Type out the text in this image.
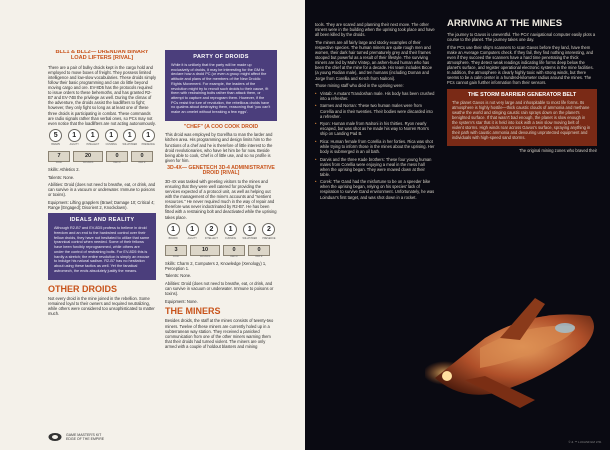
BLL1 & BLL2— DRENDAN BINARY LOAD LIFTERS [RIVAL]

There are a pair of bulky droids kept in the cargo hold and employed to move boxes of freight. They possess limited intelligence and low-slow vocabularies. These droids simply follow their basic programming and can do little beyond moving cargo and ore. EV-8D5 has the protocols required to issue orders to these behemoths, and has granted R2-B7 and EV-74B the privilege as well. During the climax of the adventure, the droids assist the loadlifters to fight; however, they only fight so long as at least one of these three droids is participating in combat. These commands are radio signals rather than verbal ones, so PCs may not even notice that the loadlifters are not acting autonomously.

5
BRAWN
1
AGILITY
1
INTELLECT
1
CUNNING
1
WILLPOWER
1
PRESENCE
7
SOAK
20
WOUNDS
0
DEF M
0
DEF R

Skills: Athletics 2.

Talents: None.

Abilities: Droid (does not need to breathe, eat, or drink, and can survive in a vacuum or underwater. Immune to poisons or toxins).

Equipment: Lifting grapplers (Brawl; Damage 10; Critical 4; Range [Engaged]; Disorient 2, Knockdown).

IDEALS AND REALITY

Although R2-B7 and EV-8D5 profess to believe in droid freedom and an end to the hardwired control over their fellow droids, they have not hesitated to utilize that same tyrannical control when needed. Some of their fellows have been forcibly reprogrammed, while others are under the control of restraining bolts. For EV-8D5 this is hardly a stretch; the entire revolution is simply an excuse to indulge his natural sadism. R2-B7 has no hesitation about using these tactics as well. Yet the fanatical astromech, the ends absolutely justify the means.

OTHER DROIDS

Not every droid in the mine joined in the rebellion. Some remained loyal to their owners and required neutralizing, while others were considered too unsophisticated to matter much.

PARTY OF DROIDS

While it is unlikely that the party will be made up exclusively of droids, it may be interesting for the GM to declare how a droid PC (or even a group might affect the attitude and plans of the members of the New Droidic Rights Movement. For example, the leaders of the revolution might try to recruit such droids to their cause, fit them with restraining bolts rather than attack them, or attempt to capture and reprogram them. However, if the PCs resist the lure of revolution, the rebellious droids have no qualms about destroying them, reasoning that 'you can't make an omelet without breaking a few eggs'.

"CHEF" (A COO COOK DROID

This droid was employed by Gorellha to man the larder and kitchen area. His programming and design limits him to the functions of a chef and he is therefore of little interest to the droid revolutionaries, who have let him be for now. Beside being able to cook, Chef is of little use, and so no profile is given for him.

3D-4X— GENETECH 3D-4 ADMINISTRATIVE DROID [RIVAL]

3D-4X was tasked with greeting visitors to the mines and ensuring that they were well catered for providing the services expected of a protocol unit, as well as helping out with the management of the mine's accounts and "sentient resources." He never required much in the way of repair and therefore was never indoctrinated by R2-B7. He has been fitted with a restraining bolt and deactivated while the uprising takes place.

1
BRAWN
1
AGILITY
2
INTELLECT
1
CUNNING
1
WILLPOWER
2
PRESENCE
3
SOAK
10
WOUNDS
0
DEF M
0
DEF R

Skills: Charm 2, Computers 2, Knowledge (Xenology) 1, Perception 1.

Talents: None.

Abilities: Droid (does not need to breathe, eat, or drink, and can survive in vacuum or underwater. Immune to poisons or toxins).

Equipment: None.

THE MINERS

Besides droids, the staff at the mines consists of twenty-two miners. Twelve of these miners are currently holed up in a subterranean way station. They received a panicked communication from one of the other miners warning them that their droids had turned violent. The miners are only armed with a couple of holdout blasters and mining

GAME MASTER'S KIT
EDGE OF THE EMPIRE

tools. They are scared and planning their next move. The other miners were in the building when the uprising took place and have all been killed by the droids.

The miners are all fairly large and stocky examples of their respective species. The human miners are quite rough men and women, their dark hair turned prematurely grey and their frames stooped but powerful as a result of their lifestyle. The surviving miners are led by Mahr Vintep, an ashen-hued human who has been the chief at the mine for a decade. His team includes Bicoe (a young Rodian male), and ten humans (including Doman and Jorge from Corellia and Kerch from Nalroni).

Those mining staff who died in the uprising were:

• Vintab: A mutant Trandoshan male. His body has been crushed into a refresher.

• Sarmes and Norran: These two human males were from Corellia and in their twenties. Their bodies were discarded into a refresher.

• Ryon: Human male from Nalroni in his thirties. Ryon nearly escaped, but was shot as he made his way to Norren Rom's ship on Landing Pad B.

• Rica: Human female from Corellia in her forties. Rica was shot while trying to inform those in the mines about the uprising. Her body is submerged in an oil bath.

• Darvis and the three Kade brothers: These four young human males from Corellia were enjoying a meal in the mess hall when the uprising began. They were mowed down at their table.

• Corek: The Gand had the misfortune to be on a speeder bike when the uprising began, relying on his species' lack of respiration to survive Gand environment. Unfortunately, he was Loinduar's first target, and was shot down in a rocket.

ARRIVING AT THE MINES

The journey to Gavos is uneventful. The PCs' navigational computer easily plots a course to the planet. The journey takes one day.

If the PCs use their ship's scanners to scan Gavos before they land, have them make an Average Computers check. If they fail, they find nothing interesting, and even if they succeed the scanners have a hard time penetrating the thick atmosphere. They detect weak readings indicating life forms deep below the planet's surface, and register operational electronic systems in the mine facilities. In addition, the atmosphere is clearly highly toxic with strong winds, but there seems to be a calm center in a hundred-kilometer radius around the mines. The PCs cannot gain further information from their sensors.

THE STORM BARRIER GENERATOR BELT

The planet Gavos is not very large and inhospitable to most life forms. Its atmosphere is highly hostile—thick caustic clouds of ammonia and methane swathe the world and stinging caustic rain sprays down on the planet's benighted surface. If that wasn't bad enough, the planet is slow enough in the system's star that it is held into lock with a twin slow moving belt of violent storms. High winds roar across Gavos's surface, spraying anything in their path with caustic ammonia and devouring unprotected equipment and individuals with high-speed sand storms.

The original mining zones who braved their

© & ™ LUCASFILM LTD.
